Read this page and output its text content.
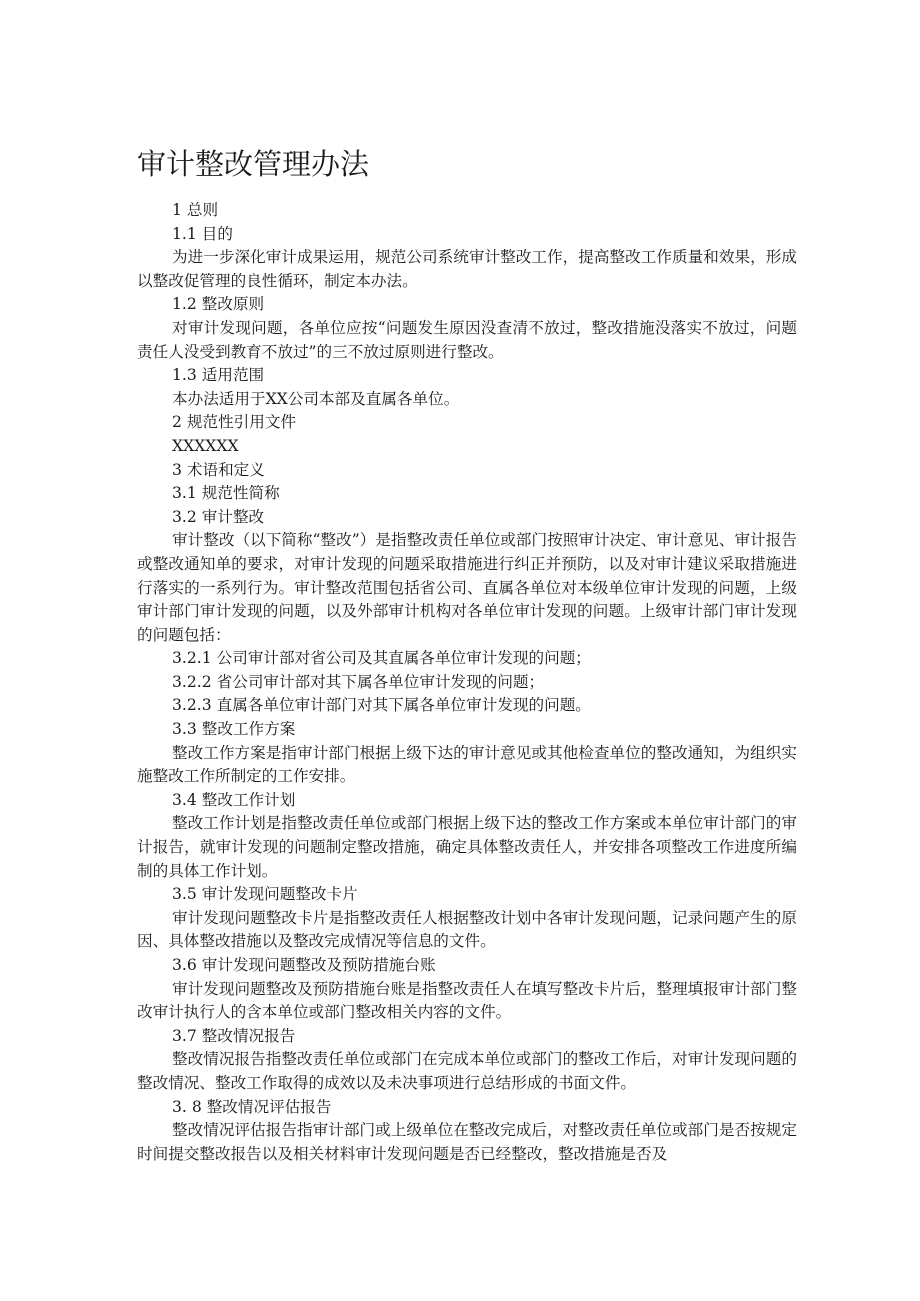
审计整改管理办法
1 总则
1.1 目的
为进一步深化审计成果运用，规范公司系统审计整改工作，提高整改工作质量和效果，形成以整改促管理的良性循环，制定本办法。
1.2 整改原则
对审计发现问题，各单位应按“问题发生原因没查清不放过，整改措施没落实不放过，问题责任人没受到教育不放过”的三不放过原则进行整改。
1.3 适用范围
本办法适用于XX公司本部及直属各单位。
2 规范性引用文件
XXXXXX
3 术语和定义
3.1 规范性简称
3.2 审计整改
审计整改（以下简称“整改”）是指整改责任单位或部门按照审计决定、审计意见、审计报告或整改通知单的要求，对审计发现的问题采取措施进行纠正并预防，以及对审计建议采取措施进行落实的一系列行为。审计整改范围包括省公司、直属各单位对本级单位审计发现的问题，上级审计部门审计发现的问题，以及外部审计机构对各单位审计发现的问题。上级审计部门审计发现的问题包括：
3.2.1 公司审计部对省公司及其直属各单位审计发现的问题；
3.2.2 省公司审计部对其下属各单位审计发现的问题；
3.2.3 直属各单位审计部门对其下属各单位审计发现的问题。
3.3 整改工作方案
整改工作方案是指审计部门根据上级下达的审计意见或其他检查单位的整改通知，为组织实施整改工作所制定的工作安排。
3.4 整改工作计划
整改工作计划是指整改责任单位或部门根据上级下达的整改工作方案或本单位审计部门的审计报告，就审计发现的问题制定整改措施，确定具体整改责任人，并安排各项整改工作进度所编制的具体工作计划。
3.5 审计发现问题整改卡片
审计发现问题整改卡片是指整改责任人根据整改计划中各审计发现问题，记录问题产生的原因、具体整改措施以及整改完成情况等信息的文件。
3.6 审计发现问题整改及预防措施台账
审计发现问题整改及预防措施台账是指整改责任人在填写整改卡片后，整理填报审计部门整改审计执行人的含本单位或部门整改相关内容的文件。
3.7 整改情况报告
整改情况报告指整改责任单位或部门在完成本单位或部门的整改工作后，对审计发现问题的整改情况、整改工作取得的成效以及未决事项进行总结形成的书面文件。
3. 8 整改情况评估报告
整改情况评估报告指审计部门或上级单位在整改完成后，对整改责任单位或部门是否按规定时间提交整改报告以及相关材料审计发现问题是否已经整改，整改措施是否及
